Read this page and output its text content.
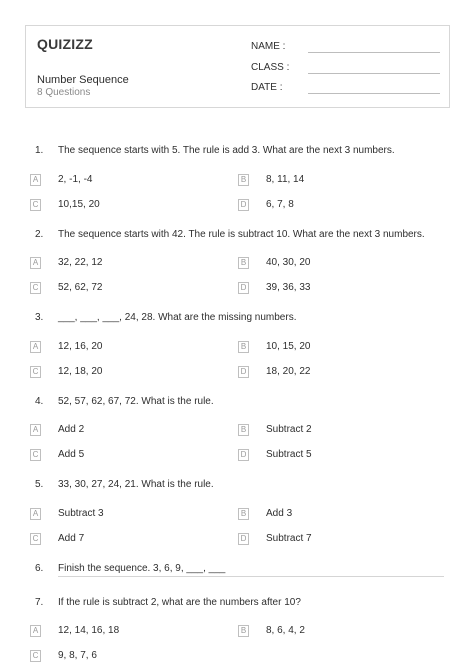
QUIZIZZ
Number Sequence
8 Questions
NAME :
CLASS :
DATE :
1. The sequence starts with 5. The rule is add 3. What are the next 3 numbers.
A 2, -1, -4	B 8, 11, 14
C 10,15, 20	D 6, 7, 8
2. The sequence starts with 42. The rule is subtract 10. What are the next 3 numbers.
A 32, 22, 12	B 40, 30, 20
C 52, 62, 72	D 39, 36, 33
3. ___, ___, ___, 24, 28. What are the missing numbers.
A 12, 16, 20	B 10, 15, 20
C 12, 18, 20	D 18, 20, 22
4. 52, 57, 62, 67, 72. What is the rule.
A Add 2	B Subtract 2
C Add 5	D Subtract 5
5. 33, 30, 27, 24, 21. What is the rule.
A Subtract 3	B Add 3
C Add 7	D Subtract 7
6. Finish the sequence. 3, 6, 9, ___, ___
7. If the rule is subtract 2, what are the numbers after 10?
A 12, 14, 16, 18	B 8, 6, 4, 2
C 9, 8, 7, 6
